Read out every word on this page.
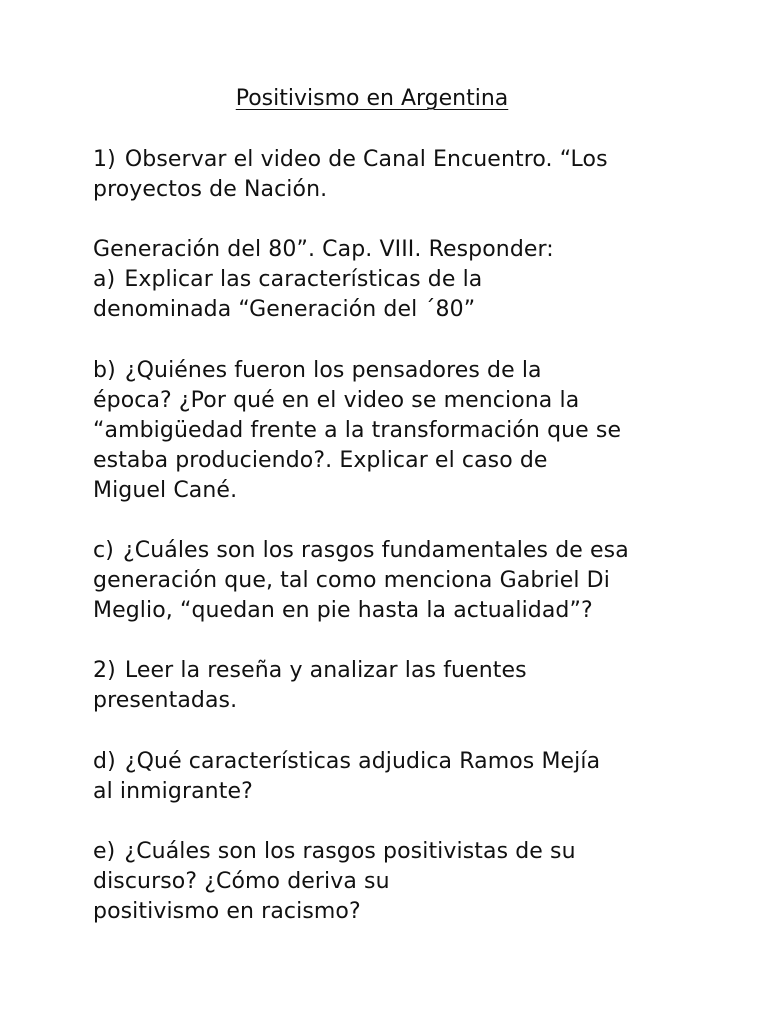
Positivismo en Argentina
1) Observar el video de Canal Encuentro. “Los
proyectos de Nación.
Generación del 80”. Cap. VIII. Responder:
a) Explicar las características de la
denominada “Generación del ´80”
b) ¿Quiénes fueron los pensadores de la
época? ¿Por qué en el video se menciona la
“ambigüedad frente a la transformación que se
estaba produciendo?. Explicar el caso de
Miguel Cané.
c) ¿Cuáles son los rasgos fundamentales de esa
generación que, tal como menciona Gabriel Di
Meglio, “quedan en pie hasta la actualidad”?
2) Leer la reseña y analizar las fuentes
presentadas.
d) ¿Qué características adjudica Ramos Mejía
al inmigrante?
e) ¿Cuáles son los rasgos positivistas de su
discurso? ¿Cómo deriva su
positivismo en racismo?
